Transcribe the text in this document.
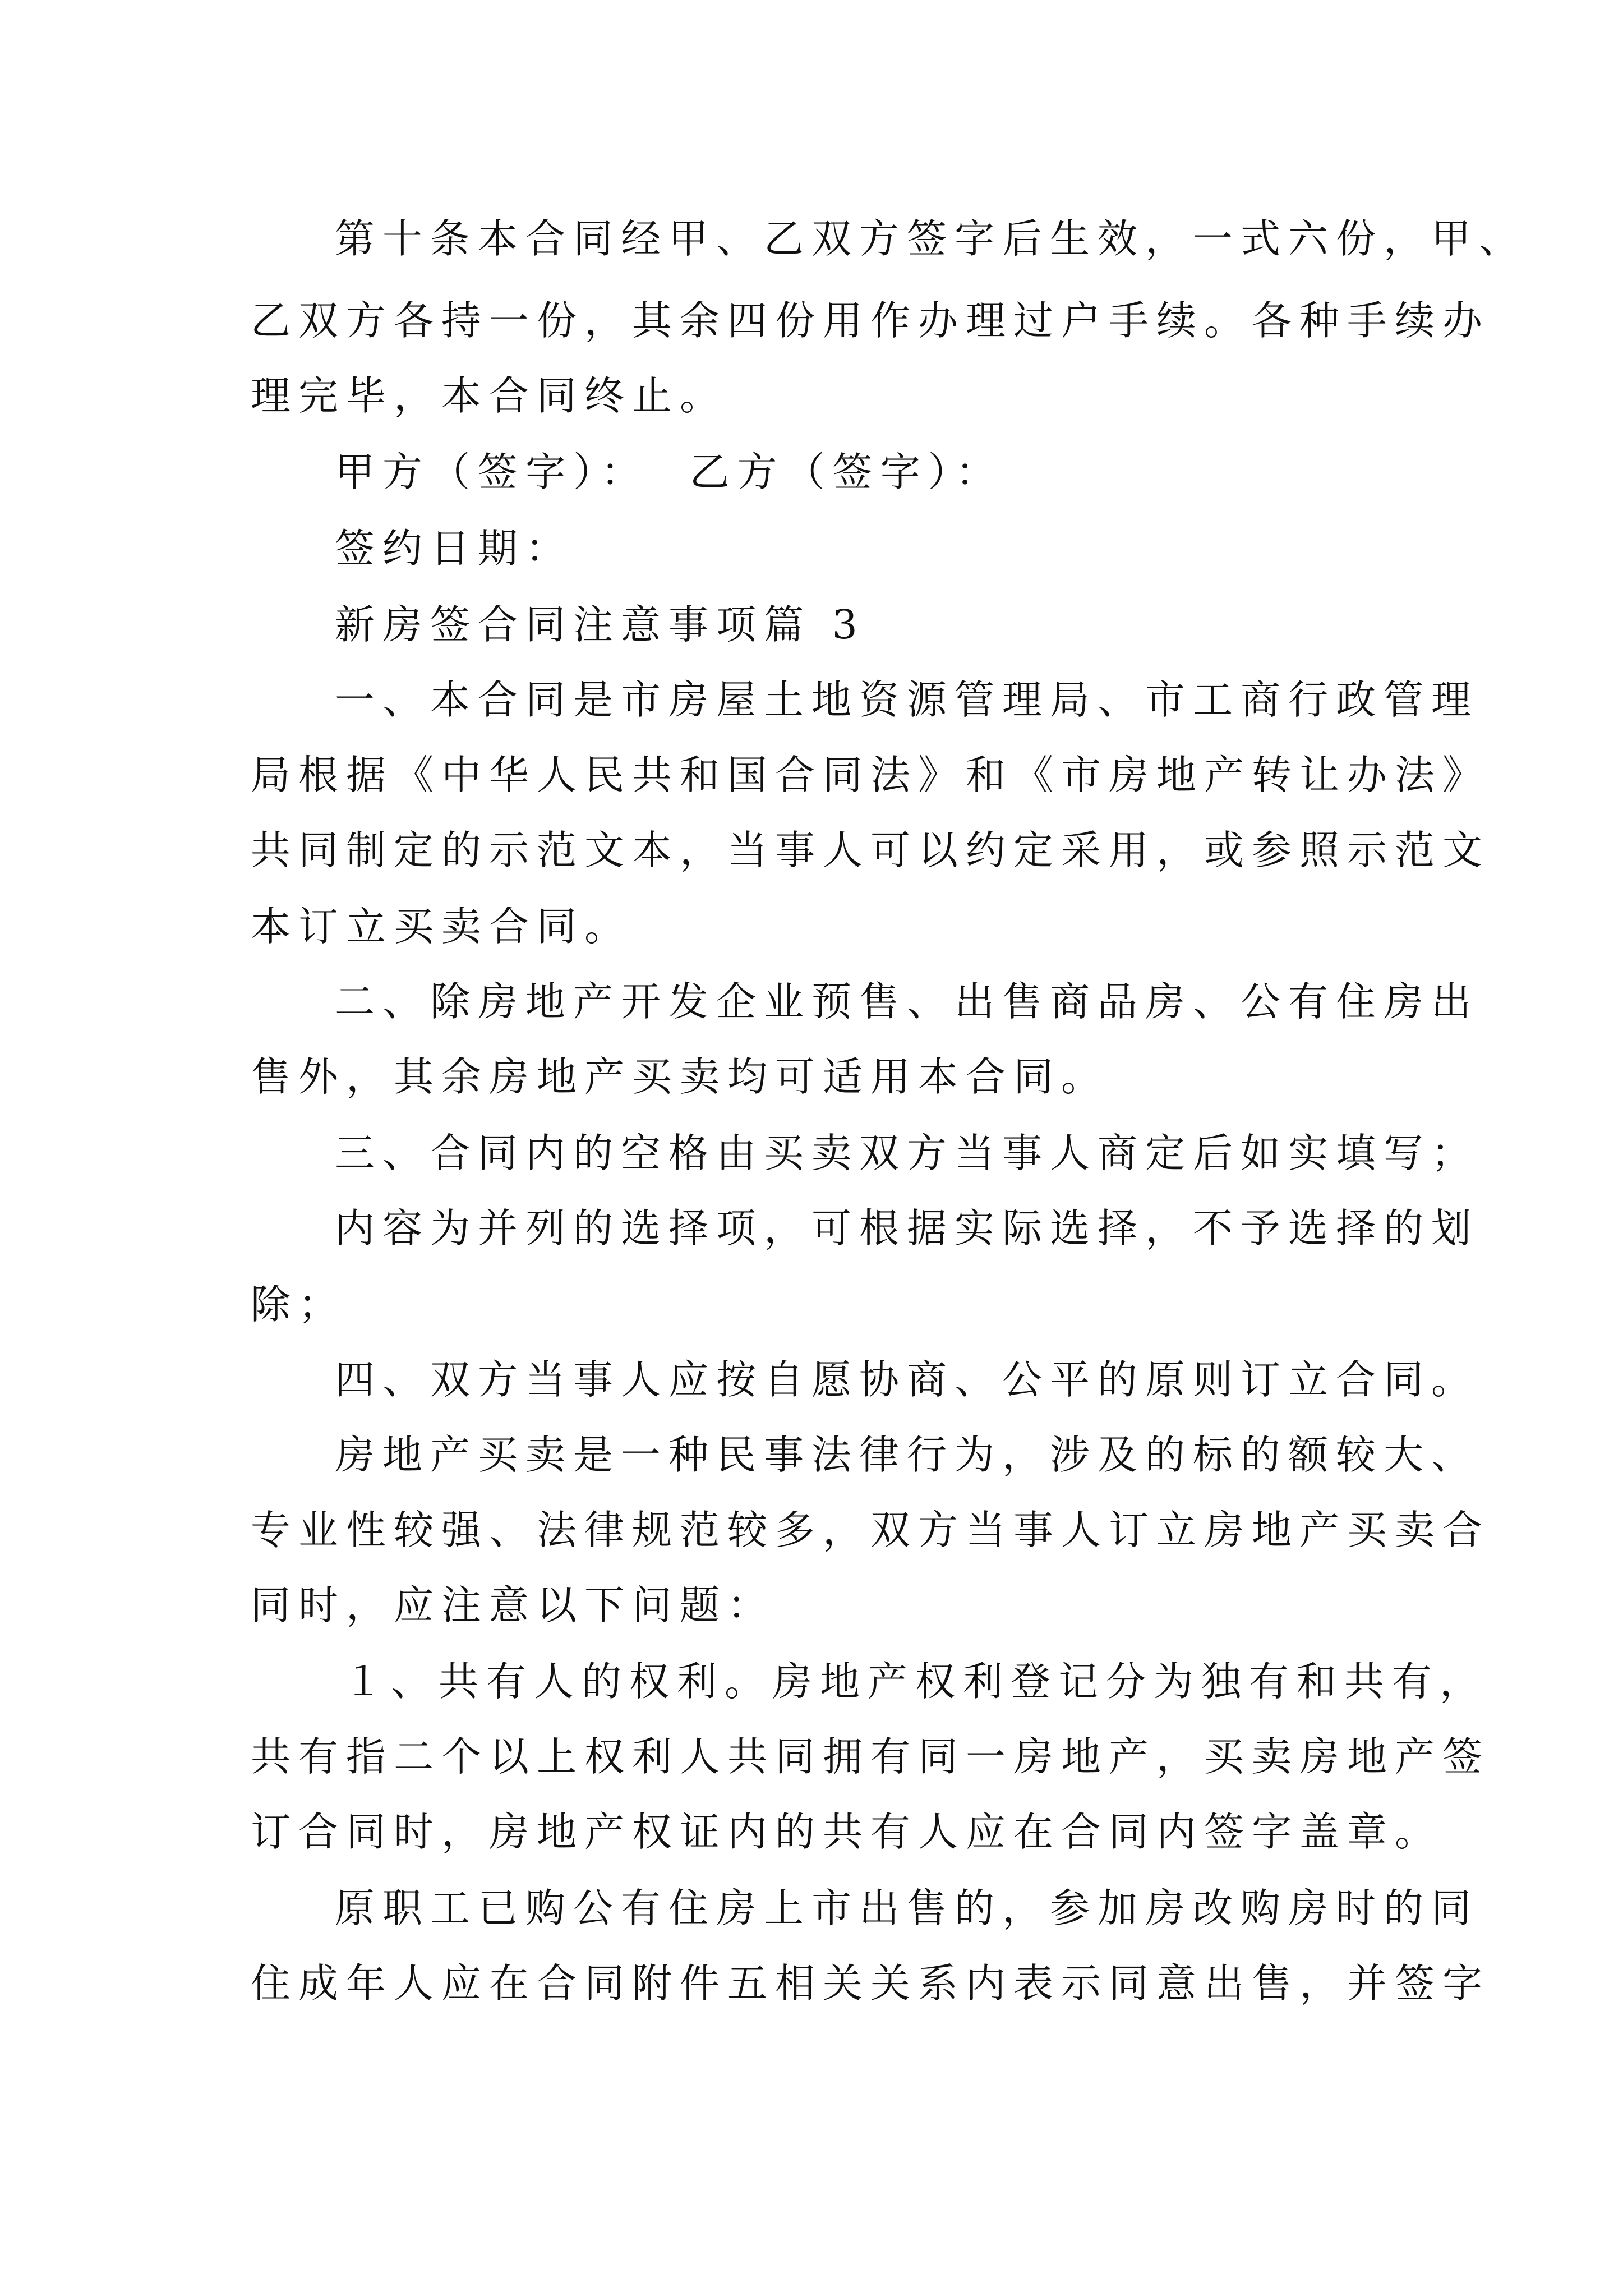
第十条本合同经甲、乙双方签字后生效，一式六份，甲、
乙双方各持一份，其余四份用作办理过户手续。各种手续办
理完毕，本合同终止。
甲方（签字）：  乙方（签字）：
签约日期：
新房签合同注意事项篇 3
一、本合同是市房屋土地资源管理局、市工商行政管理
局根据《中华人民共和国合同法》和《市房地产转让办法》
共同制定的示范文本，当事人可以约定采用，或参照示范文
本订立买卖合同。
二、除房地产开发企业预售、出售商品房、公有住房出
售外，其余房地产买卖均可适用本合同。
三、合同内的空格由买卖双方当事人商定后如实填写；
内容为并列的选择项，可根据实际选择，不予选择的划
除；
四、双方当事人应按自愿协商、公平的原则订立合同。
房地产买卖是一种民事法律行为，涉及的标的额较大、
专业性较强、法律规范较多，双方当事人订立房地产买卖合
同时，应注意以下问题：
１、共有人的权利。房地产权利登记分为独有和共有，
共有指二个以上权利人共同拥有同一房地产，买卖房地产签
订合同时，房地产权证内的共有人应在合同内签字盖章。
原职工已购公有住房上市出售的，参加房改购房时的同
住成年人应在合同附件五相关关系内表示同意出售，并签字
